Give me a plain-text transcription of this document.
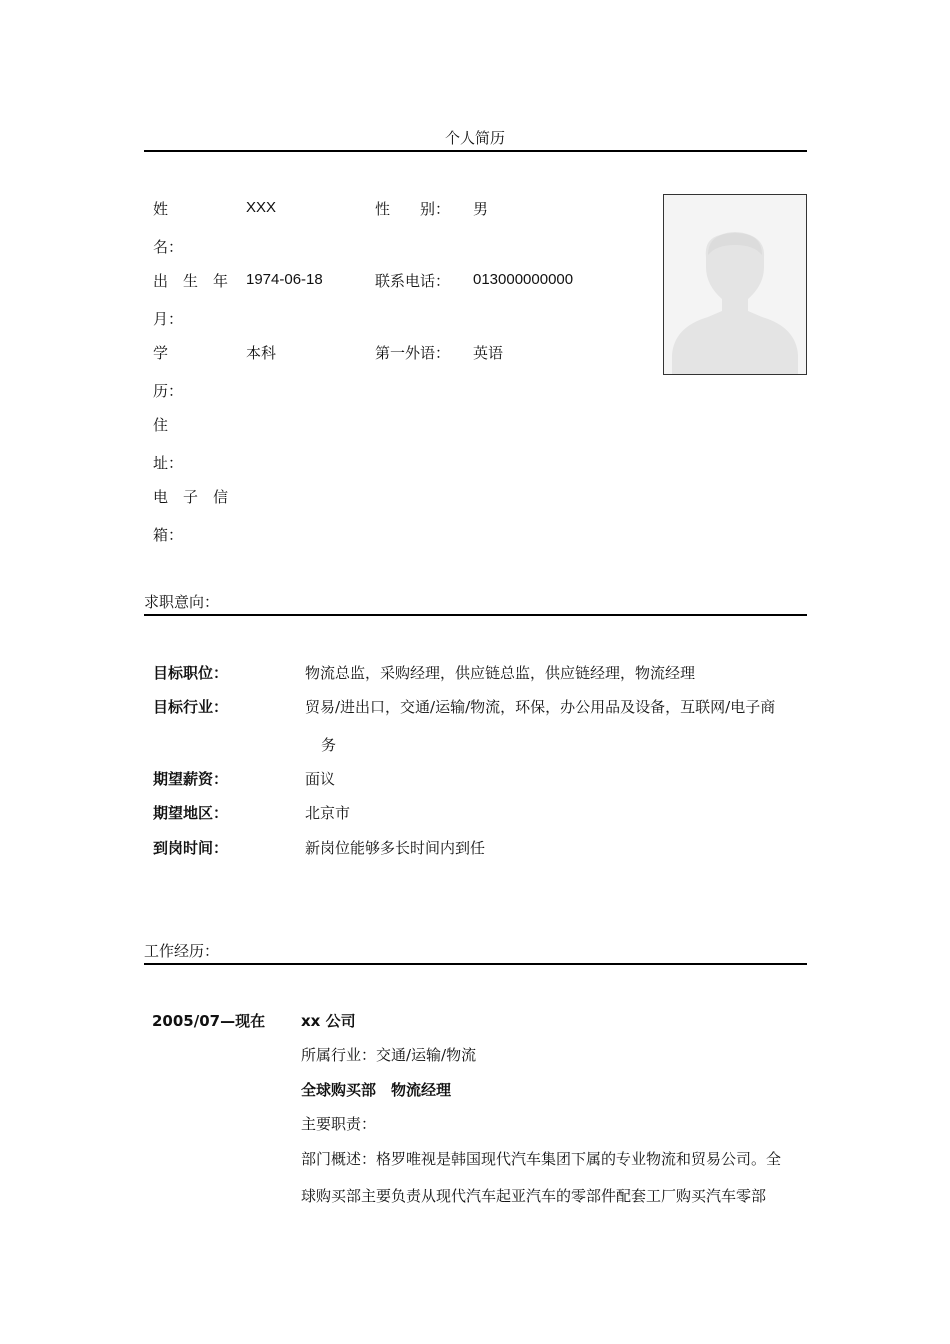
个人简历
姓
名：
XXX	性　　别： 男
出　生　年
月：
1974-06-18	联系电话： 013000000000
学
历：
本科	第一外语： 英语
住
址：
电　子　信
箱：
求职意向：
目标职位：	物流总监，采购经理，供应链总监，供应链经理，物流经理
目标行业：	贸易/进出口，交通/运输/物流，环保，办公用品及设备，互联网/电子商
务
期望薪资：	面议
期望地区：	北京市
到岗时间：	新岗位能够多长时间内到任
工作经历：
2005/07—现在 xx 公司
所属行业：交通/运输/物流
全球购买部　物流经理
主要职责：
部门概述：格罗唯视是韩国现代汽车集团下属的专业物流和贸易公司。全
球购买部主要负责从现代汽车起亚汽车的零部件配套工厂购买汽车零部
